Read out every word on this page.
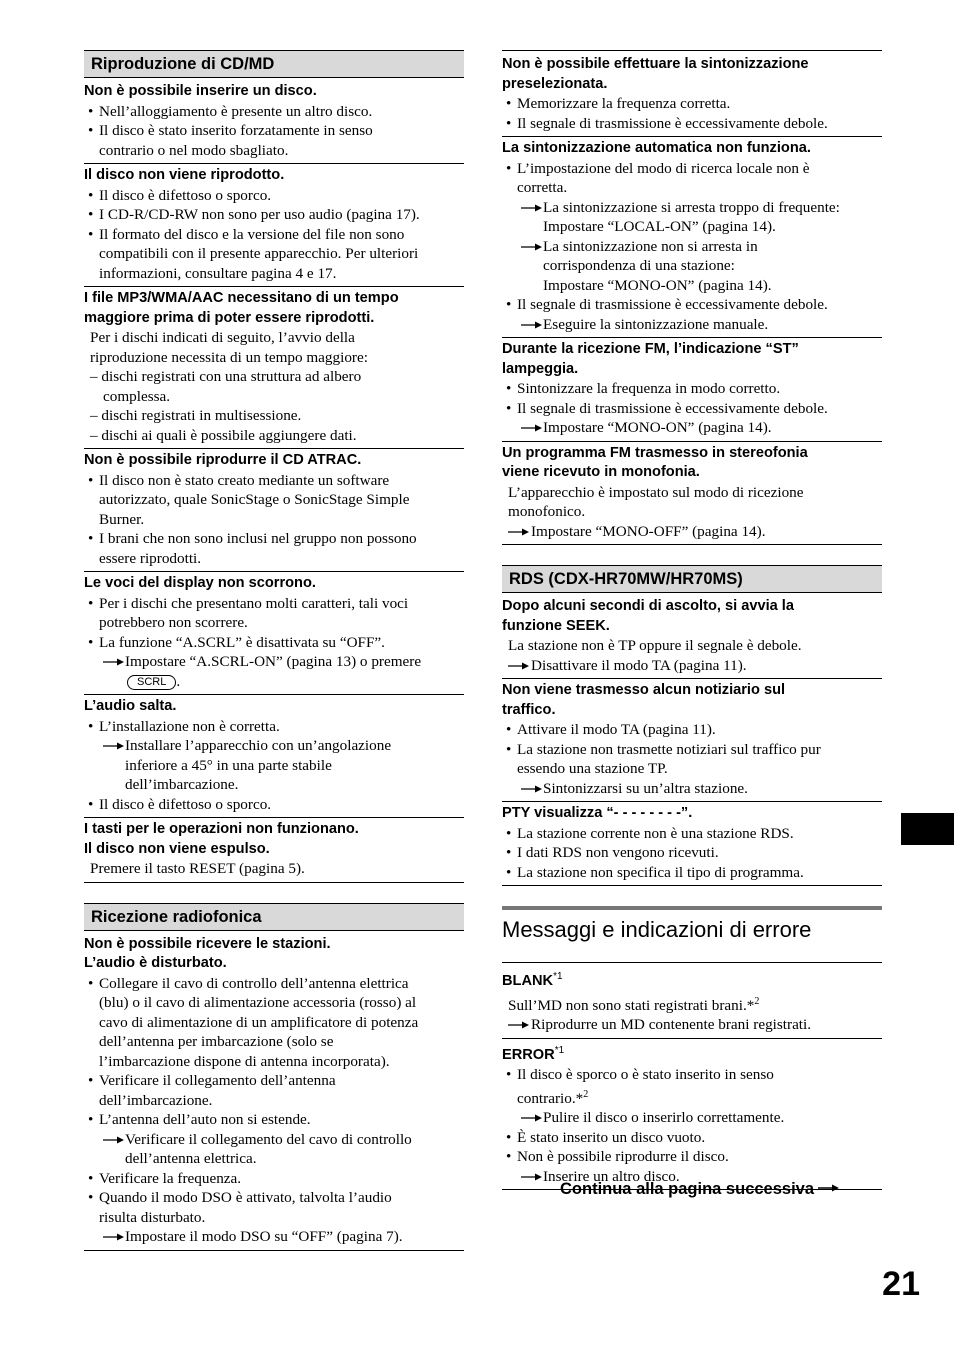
Riproduzione di CD/MD

Non è possibile inserire un disco.

• Nell’alloggiamento è presente un altro disco.

• Il disco è stato inserito forzatamente in senso

contrario o nel modo sbagliato.

Il disco non viene riprodotto.

• Il disco è difettoso o sporco.

• I CD-R/CD-RW non sono per uso audio (pagina 17).

• Il formato del disco e la versione del file non sono

compatibili con il presente apparecchio. Per ulteriori

informazioni, consultare pagina 4 e 17.

I file MP3/WMA/AAC necessitano di un tempo

maggiore prima di poter essere riprodotti.

Per i dischi indicati di seguito, l’avvio della

riproduzione necessita di un tempo maggiore:

– dischi registrati con una struttura ad albero

complessa.

– dischi registrati in multisessione.

– dischi ai quali è possibile aggiungere dati.

Non è possibile riprodurre il CD ATRAC.

• Il disco non è stato creato mediante un software

autorizzato, quale SonicStage o SonicStage Simple

Burner.

• I brani che non sono inclusi nel gruppo non possono

essere riprodotti.

Le voci del display non scorrono.

• Per i dischi che presentano molti caratteri, tali voci

potrebbero non scorrere.

• La funzione “A.SCRL” è disattivata su “OFF”.

Impostare “A.SCRL-ON” (pagina 13) o premere

SCRL .

L’audio salta.

• L’installazione non è corretta.

Installare l’apparecchio con un’angolazione

inferiore a 45° in una parte stabile

dell’imbarcazione.

• Il disco è difettoso o sporco.

I tasti per le operazioni non funzionano.

Il disco non viene espulso.

Premere il tasto RESET (pagina 5).

Ricezione radiofonica

Non è possibile ricevere le stazioni.

L’audio è disturbato.

• Collegare il cavo di controllo dell’antenna elettrica

(blu) o il cavo di alimentazione accessoria (rosso) al

cavo di alimentazione di un amplificatore di potenza

dell’antenna per imbarcazione (solo se

l’imbarcazione dispone di antenna incorporata).

• Verificare il collegamento dell’antenna

dell’imbarcazione.

• L’antenna dell’auto non si estende.

Verificare il collegamento del cavo di controllo

dell’antenna elettrica.

• Verificare la frequenza.

• Quando il modo DSO è attivato, talvolta l’audio

risulta disturbato.

Impostare il modo DSO su “OFF” (pagina 7).

Non è possibile effettuare la sintonizzazione

preselezionata.

• Memorizzare la frequenza corretta.

• Il segnale di trasmissione è eccessivamente debole.

La sintonizzazione automatica non funziona.

• L’impostazione del modo di ricerca locale non è

corretta.

La sintonizzazione si arresta troppo di frequente:

Impostare “LOCAL-ON” (pagina 14).

La sintonizzazione non si arresta in

corrispondenza di una stazione:

Impostare “MONO-ON” (pagina 14).

• Il segnale di trasmissione è eccessivamente debole.

Eseguire la sintonizzazione manuale.

Durante la ricezione FM, l’indicazione “ST”

lampeggia.

• Sintonizzare la frequenza in modo corretto.

• Il segnale di trasmissione è eccessivamente debole.

Impostare “MONO-ON” (pagina 14).

Un programma FM trasmesso in stereofonia

viene ricevuto in monofonia.

L’apparecchio è impostato sul modo di ricezione

monofonico.

Impostare “MONO-OFF” (pagina 14).

RDS (CDX-HR70MW/HR70MS)

Dopo alcuni secondi di ascolto, si avvia la

funzione SEEK.

La stazione non è TP oppure il segnale è debole.

Disattivare il modo TA (pagina 11).

Non viene trasmesso alcun notiziario sul

traffico.

• Attivare il modo TA (pagina 11).

• La stazione non trasmette notiziari sul traffico pur

essendo una stazione TP.

Sintonizzarsi su un’altra stazione.

PTY visualizza “- - - - - - - -”.

• La stazione corrente non è una stazione RDS.

• I dati RDS non vengono ricevuti.

• La stazione non specifica il tipo di programma.

Messaggi e indicazioni di errore

BLANK$^{*1}$

Sull’MD non sono stati registrati brani.*$^2$

Riprodurre un MD contenente brani registrati.

ERROR$^{*1}$

• Il disco è sporco o è stato inserito in senso

contrario.*$^2$

Pulire il disco o inserirlo correttamente.

• È stato inserito un disco vuoto.

• Non è possibile riprodurre il disco.

Inserire un altro disco.

Continua alla pagina successiva
21
